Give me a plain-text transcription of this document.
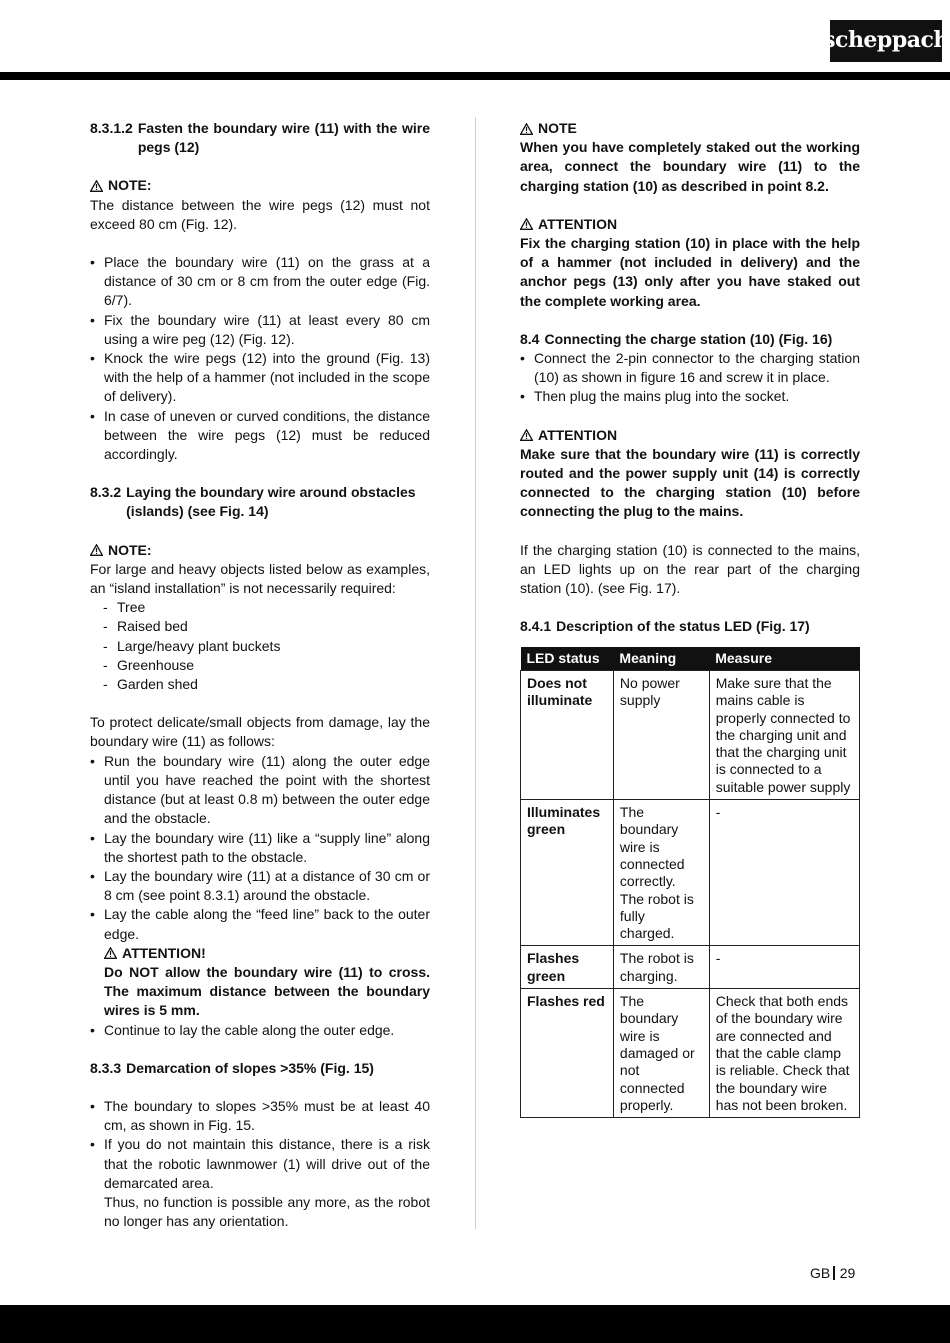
scheppach
8.3.1.2 Fasten the boundary wire (11) with the wire pegs (12)
NOTE:

The distance between the wire pegs (12) must not exceed 80 cm (Fig. 12).

• Place the boundary wire (11) on the grass at a distance of 30 cm or 8 cm from the outer edge (Fig. 6/7).
• Fix the boundary wire (11) at least every 80 cm using a wire peg (12) (Fig. 12).
• Knock the wire pegs (12) into the ground (Fig. 13) with the help of a hammer (not included in the scope of delivery).
• In case of uneven or curved conditions, the distance between the wire pegs (12) must be reduced accordingly.
8.3.2 Laying the boundary wire around obstacles (islands) (see Fig. 14)
NOTE:

For large and heavy objects listed below as examples, an “island installation” is not necessarily required:

- Tree
- Raised bed
- Large/heavy plant buckets
- Greenhouse
- Garden shed

To protect delicate/small objects from damage, lay the boundary wire (11) as follows:

• Run the boundary wire (11) along the outer edge until you have reached the point with the shortest distance (but at least 0.8 m) between the outer edge and the obstacle.
• Lay the boundary wire (11) like a “supply line” along the shortest path to the obstacle.
• Lay the boundary wire (11) at a distance of 30 cm or 8 cm (see point 8.3.1) around the obstacle.
• Lay the cable along the “feed line” back to the outer edge.
ATTENTION!

Do NOT allow the boundary wire (11) to cross. The maximum distance between the boundary wires is 5 mm.

• Continue to lay the cable along the outer edge.
8.3.3 Demarcation of slopes >35% (Fig. 15)
• The boundary to slopes >35% must be at least 40 cm, as shown in Fig. 15.
• If you do not maintain this distance, there is a risk that the robotic lawnmower (1) will drive out of the demarcated area.

Thus, no function is possible any more, as the robot no longer has any orientation.

NOTE

When you have completely staked out the working area, connect the boundary wire (11) to the charging station (10) as described in point 8.2.

ATTENTION

Fix the charging station (10) in place with the help of a hammer (not included in delivery) and the anchor pegs (13) only after you have staked out the complete working area.

8.4 Connecting the charge station (10) (Fig. 16)
• Connect the 2-pin connector to the charging station (10) as shown in figure 16 and screw it in place.
• Then plug the mains plug into the socket.
ATTENTION

Make sure that the boundary wire (11) is correctly routed and the power supply unit (14) is correctly connected to the charging station (10) before connecting the plug to the mains.

If the charging station (10) is connected to the mains, an LED lights up on the rear part of the charging station (10). (see Fig. 17).

8.4.1 Description of the status LED (Fig. 17)
LED status	Meaning	Measure
Does not illuminate	No power supply	Make sure that the mains cable is properly connected to the charging unit and that the charging unit is connected to a suitable power supply
Illuminates green	The boundary wire is connected correctly. The robot is fully charged.	-
Flashes green	The robot is charging.	-
Flashes red	The boundary wire is damaged or not connected properly.	Check that both ends of the boundary wire are connected and that the cable clamp is reliable. Check that the boundary wire has not been broken.
GB 29
